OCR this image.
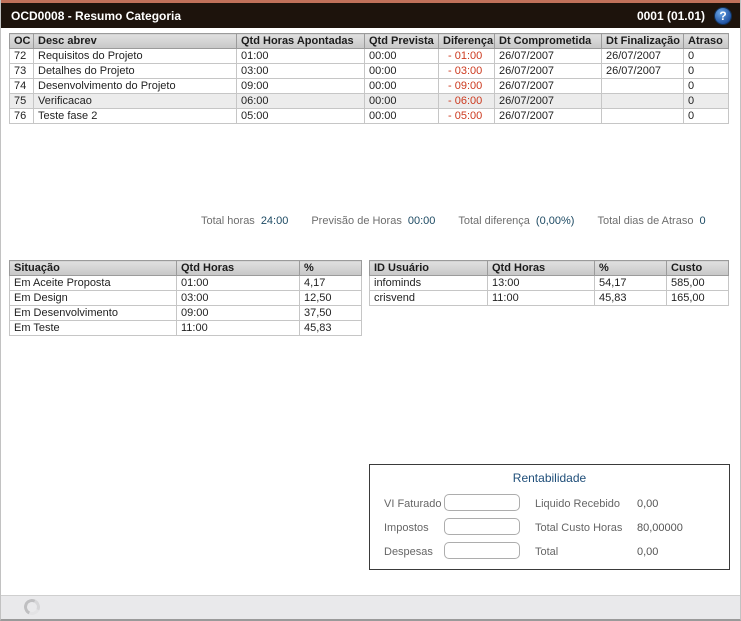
OCD0008 - Resumo Categoria	0001 (01.01)	?
OC	Desc abrev	Qtd Horas Apontadas	Qtd Prevista	Diferença	Dt Comprometida	Dt Finalização	Atraso
72	Requisitos do Projeto	01:00	00:00	- 01:00	26/07/2007	26/07/2007	0
73	Detalhes do Projeto	03:00	00:00	- 03:00	26/07/2007	26/07/2007	0
74	Desenvolvimento do Projeto	09:00	00:00	- 09:00	26/07/2007		0
75	Verificacao	06:00	00:00	- 06:00	26/07/2007		0
76	Teste fase 2	05:00	00:00	- 05:00	26/07/2007		0
Total horas 24:00 Previsão de Horas 00:00 Total diferença (0,00%) Total dias de Atraso 0
Situação	Qtd Horas	%
Em Aceite Proposta	01:00	4,17
Em Design	03:00	12,50
Em Desenvolvimento	09:00	37,50
Em Teste	11:00	45,83
ID Usuário	Qtd Horas	%	Custo
infominds	13:00	54,17	585,00
crisvend	11:00	45,83	165,00
Rentabilidade
VI Faturado	Liquido Recebido 0,00
Impostos	Total Custo Horas 80,00000
Despesas	Total	0,00
